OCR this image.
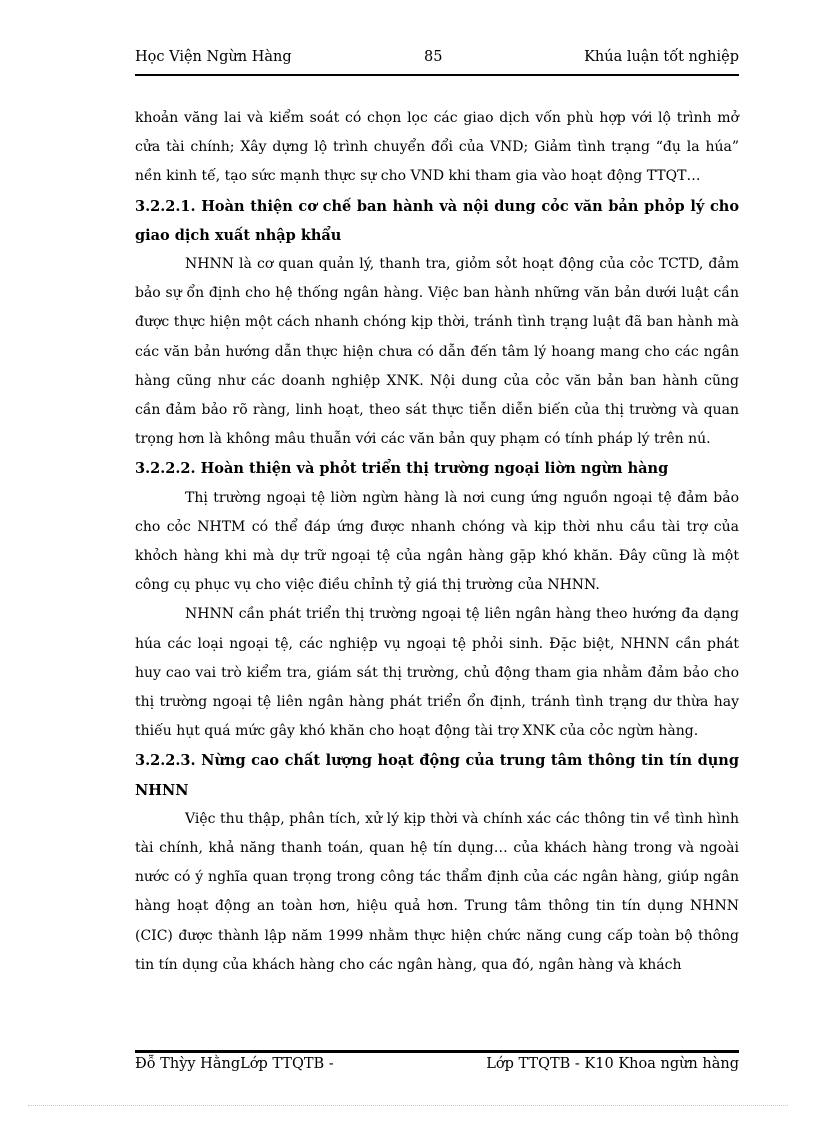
Học Viện Ngừn Hàng	85	Khúa luận tốt nghiệp

khoản văng lai và kiểm soát có chọn lọc các giao dịch vốn phù hợp với lộ trình mở cửa tài chính; Xây dựng lộ trình chuyển đổi của VND; Giảm tình trạng “đụ la húa” nền kinh tế, tạo sức mạnh thực sự cho VND khi tham gia vào hoạt động TTQT…

3.2.2.1. Hoàn thiện cơ chế ban hành và nội dung cỏc văn bản phỏp lý cho giao dịch xuất nhập khẩu

NHNN là cơ quan quản lý, thanh tra, giỏm sỏt hoạt động của cỏc TCTD, đảm bảo sự ổn định cho hệ thống ngân hàng. Việc ban hành những văn bản dưới luật cần được thực hiện một cách nhanh chóng kịp thời, tránh tình trạng luật đã ban hành mà các văn bản hướng dẫn thực hiện chưa có dẫn đến tâm lý hoang mang cho các ngân hàng cũng như các doanh nghiệp XNK. Nội dung của cỏc văn bản ban hành cũng cần đảm bảo rõ ràng, linh hoạt, theo sát thực tiễn diễn biến của thị trường và quan trọng hơn là không mâu thuẫn với các văn bản quy phạm có tính pháp lý trên nú.

3.2.2.2. Hoàn thiện và phỏt triển thị trường ngoại liờn ngừn hàng

Thị trường ngoại tệ liờn ngừn hàng là nơi cung ứng nguồn ngoại tệ đảm bảo cho cỏc NHTM có thể đáp ứng được nhanh chóng và kịp thời nhu cầu tài trợ của khỏch hàng khi mà dự trữ ngoại tệ của ngân hàng gặp khó khăn. Đây cũng là một công cụ phục vụ cho việc điều chỉnh tỷ giá thị trường của NHNN.

NHNN cần phát triển thị trường ngoại tệ liên ngân hàng theo hướng đa dạng húa các loại ngoại tệ, các nghiệp vụ ngoại tệ phỏi sinh. Đặc biệt, NHNN cần phát huy cao vai trò kiểm tra, giám sát thị trường, chủ động tham gia nhằm đảm bảo cho thị trường ngoại tệ liên ngân hàng phát triển ổn định, tránh tình trạng dư thừa hay thiếu hụt quá mức gây khó khăn cho hoạt động tài trợ XNK của cỏc ngừn hàng.

3.2.2.3. Nừng cao chất lượng hoạt động của trung tâm thông tin tín dụng NHNN

Việc thu thập, phân tích, xử lý kịp thời và chính xác các thông tin về tình hình tài chính, khả năng thanh toán, quan hệ tín dụng… của khách hàng trong và ngoài nước có ý nghĩa quan trọng trong công tác thẩm định của các ngân hàng, giúp ngân hàng hoạt động an toàn hơn, hiệu quả hơn. Trung tâm thông tin tín dụng NHNN (CIC) được thành lập năm 1999 nhằm thực hiện chức năng cung cấp toàn bộ thông tin tín dụng của khách hàng cho các ngân hàng, qua đó, ngân hàng và khách

Đỗ Thỳy HằngLớp TTQTB -	Lớp TTQTB - K10 Khoa ngừn hàng
